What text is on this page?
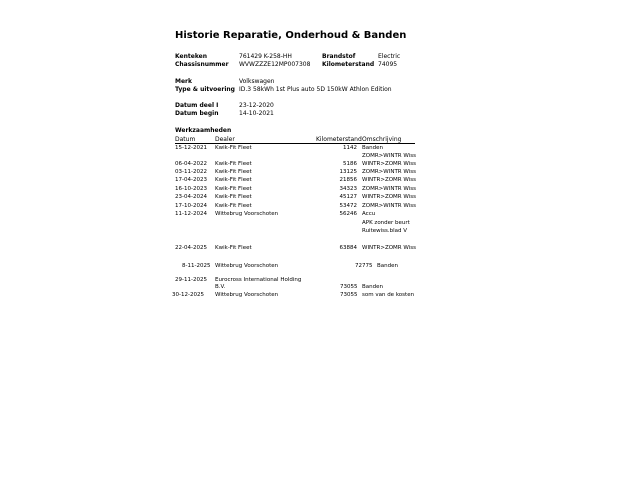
Historie Reparatie, Onderhoud & Banden
Kenteken	761429 K-258-HH	Brandstof	Electric
Chassisnummer WVWZZZE12MP007308 Kilometerstand 74095
Merk	Volkswagen
Type & uitvoering ID.3 58kWh 1st Plus auto 5D 150kW Athlon Edition
Datum deel I	23-12-2020
Datum begin	14-10-2021
Werkzaamheden
Datum	Dealer	Kilometerstand Omschrijving
15-12-2021 Kwik-Fit Fleet	1142 Banden
ZOMR>WINTR Wiss
06-04-2022 Kwik-Fit Fleet	5186 WINTR>ZOMR Wiss
03-11-2022 Kwik-Fit Fleet	13125 ZOMR>WINTR Wiss
17-04-2023 Kwik-Fit Fleet	21856 WINTR>ZOMR Wiss
16-10-2023 Kwik-Fit Fleet	34323 ZOMR>WINTR Wiss
23-04-2024 Kwik-Fit Fleet	45127 WINTR>ZOMR Wiss
17-10-2024 Kwik-Fit Fleet	53472 ZOMR>WINTR Wiss
11-12-2024 Wittebrug Voorschoten	56246 Accu
APK zonder beurt
Ruitewiss.blad V
22-04-2025 Kwik-Fit Fleet	63884 WINTR>ZOMR Wiss
8-11-2025 Wittebrug Voorschoten	72775 Banden
29-11-2025 Eurocross International Holding
B.V.	73055 Banden
30-12-2025 Wittebrug Voorschoten	73055 som van de kosten
